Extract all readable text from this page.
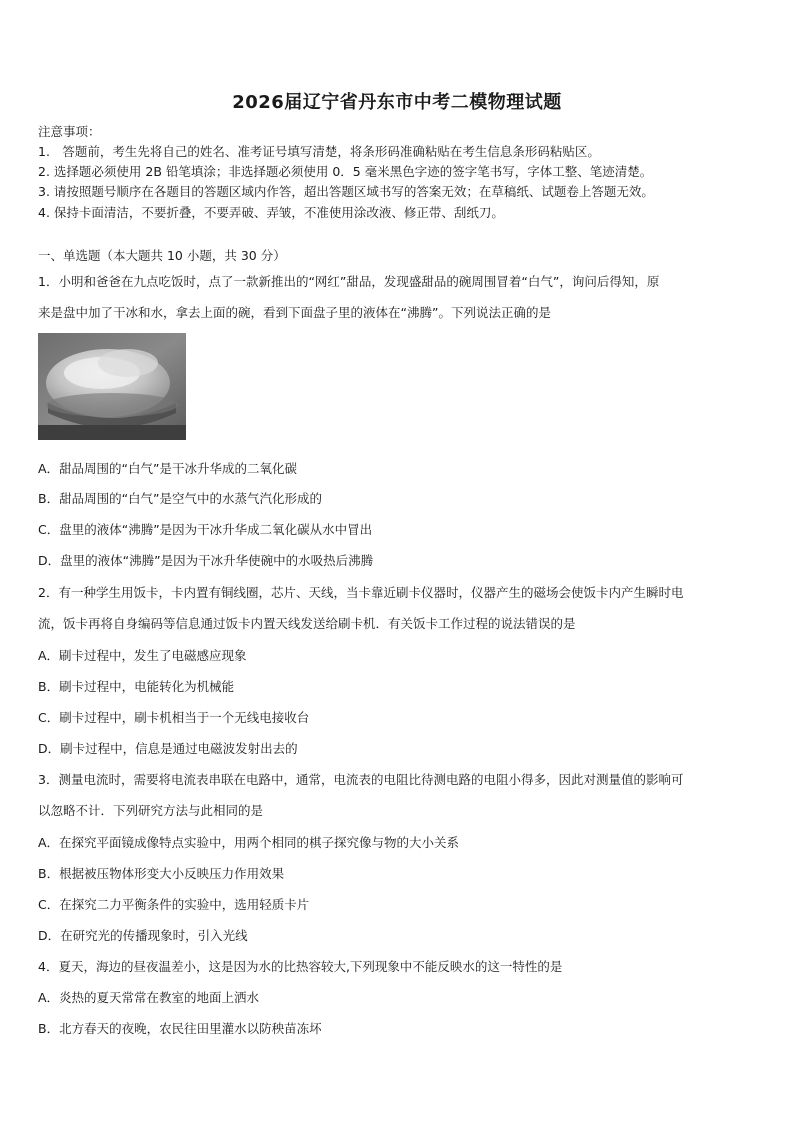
2026届辽宁省丹东市中考二模物理试题
注意事项：
1.　答题前，考生先将自己的姓名、准考证号填写清楚，将条形码准确粘贴在考生信息条形码粘贴区。
2. 选择题必须使用 2B 铅笔填涂；非选择题必须使用 0．5 毫米黑色字迹的签字笔书写，字体工整、笔迹清楚。
3. 请按照题号顺序在各题目的答题区域内作答，超出答题区域书写的答案无效；在草稿纸、试题卷上答题无效。
4. 保持卡面清洁，不要折叠，不要弄破、弄皱，不准使用涂改液、修正带、刮纸刀。
一、单选题（本大题共 10 小题，共 30 分）
1．小明和爸爸在九点吃饭时，点了一款新推出的“网红”甜品，发现盛甜品的碗周围冒着“白气”，询问后得知，原
来是盘中加了干冰和水，拿去上面的碗，看到下面盘子里的液体在“沸腾”。下列说法正确的是
A．甜品周围的“白气”是干冰升华成的二氧化碳
B．甜品周围的“白气”是空气中的水蒸气汽化形成的
C．盘里的液体“沸腾”是因为干冰升华成二氧化碳从水中冒出
D．盘里的液体“沸腾”是因为干冰升华使碗中的水吸热后沸腾
2．有一种学生用饭卡，卡内置有铜线圈，芯片、天线，当卡靠近刷卡仪器时，仪器产生的磁场会使饭卡内产生瞬时电
流，饭卡再将自身编码等信息通过饭卡内置天线发送给刷卡机．有关饭卡工作过程的说法错误的是
A．刷卡过程中，发生了电磁感应现象
B．刷卡过程中，电能转化为机械能
C．刷卡过程中，刷卡机相当于一个无线电接收台
D．刷卡过程中，信息是通过电磁波发射出去的
3．测量电流时，需要将电流表串联在电路中，通常，电流表的电阻比待测电路的电阻小得多，因此对测量值的影响可
以忽略不计．下列研究方法与此相同的是
A．在探究平面镜成像特点实验中，用两个相同的棋子探究像与物的大小关系
B．根据被压物体形变大小反映压力作用效果
C．在探究二力平衡条件的实验中，选用轻质卡片
D．在研究光的传播现象时，引入光线
4．夏天，海边的昼夜温差小，这是因为水的比热容较大,下列现象中不能反映水的这一特性的是
A．炎热的夏天常常在教室的地面上洒水
B．北方春天的夜晚，农民往田里灌水以防秧苗冻坏
